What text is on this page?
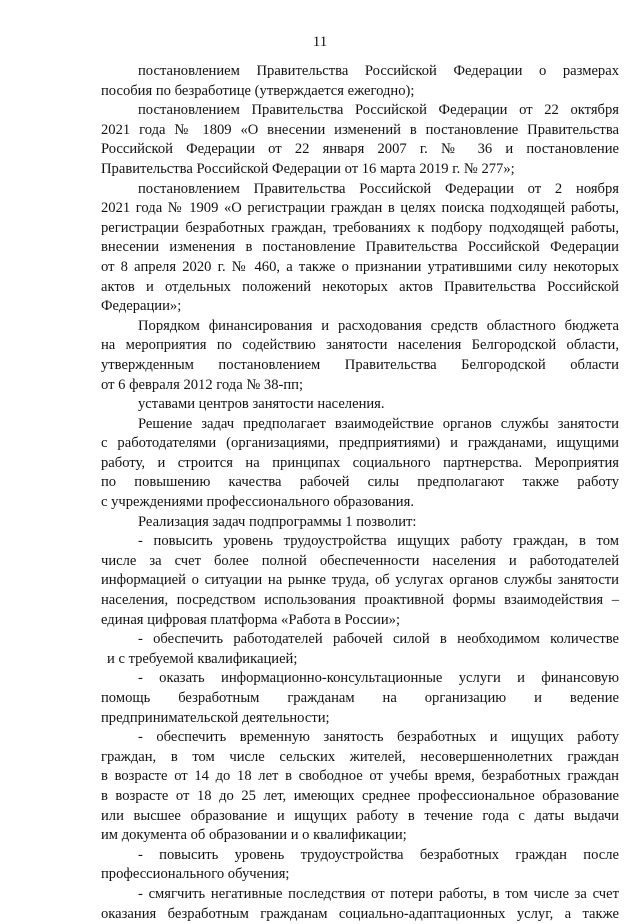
11
постановлением Правительства Российской Федерации о размерах
пособия по безработице (утверждается ежегодно);
постановлением Правительства Российской Федерации от 22 октября
2021 года № 1809 «О внесении изменений в постановление Правительства
Российской Федерации от 22 января 2007 г. № 36 и постановление
Правительства Российской Федерации от 16 марта 2019 г. № 277»;
постановлением Правительства Российской Федерации от 2 ноября
2021 года № 1909 «О регистрации граждан в целях поиска подходящей работы,
регистрации безработных граждан, требованиях к подбору подходящей работы,
внесении изменения в постановление Правительства Российской Федерации
от 8 апреля 2020 г. № 460, а также о признании утратившими силу некоторых
актов и отдельных положений некоторых актов Правительства Российской
Федерации»;
Порядком финансирования и расходования средств областного бюджета
на мероприятия по содействию занятости населения Белгородской области,
утвержденным постановлением Правительства Белгородской области
от 6 февраля 2012 года № 38-пп;
уставами центров занятости населения.
Решение задач предполагает взаимодействие органов службы занятости
с работодателями (организациями, предприятиями) и гражданами, ищущими
работу, и строится на принципах социального партнерства. Мероприятия
по повышению качества рабочей силы предполагают также работу
с учреждениями профессионального образования.
Реализация задач подпрограммы 1 позволит:
- повысить уровень трудоустройства ищущих работу граждан, в том
числе за счет более полной обеспеченности населения и работодателей
информацией о ситуации на рынке труда, об услугах органов службы занятости
населения, посредством использования проактивной формы взаимодействия –
единая цифровая платформа «Работа в России»;
- обеспечить работодателей рабочей силой в необходимом количестве
и с требуемой квалификацией;
- оказать информационно-консультационные услуги и финансовую
помощь безработным гражданам на организацию и ведение
предпринимательской деятельности;
- обеспечить временную занятость безработных и ищущих работу
граждан, в том числе сельских жителей, несовершеннолетних граждан
в возрасте от 14 до 18 лет в свободное от учебы время, безработных граждан
в возрасте от 18 до 25 лет, имеющих среднее профессиональное образование
или высшее образование и ищущих работу в течение года с даты выдачи
им документа об образовании и о квалификации;
- повысить уровень трудоустройства безработных граждан после
профессионального обучения;
- смягчить негативные последствия от потери работы, в том числе за счет
оказания безработным гражданам социально-адаптационных услуг, а также
